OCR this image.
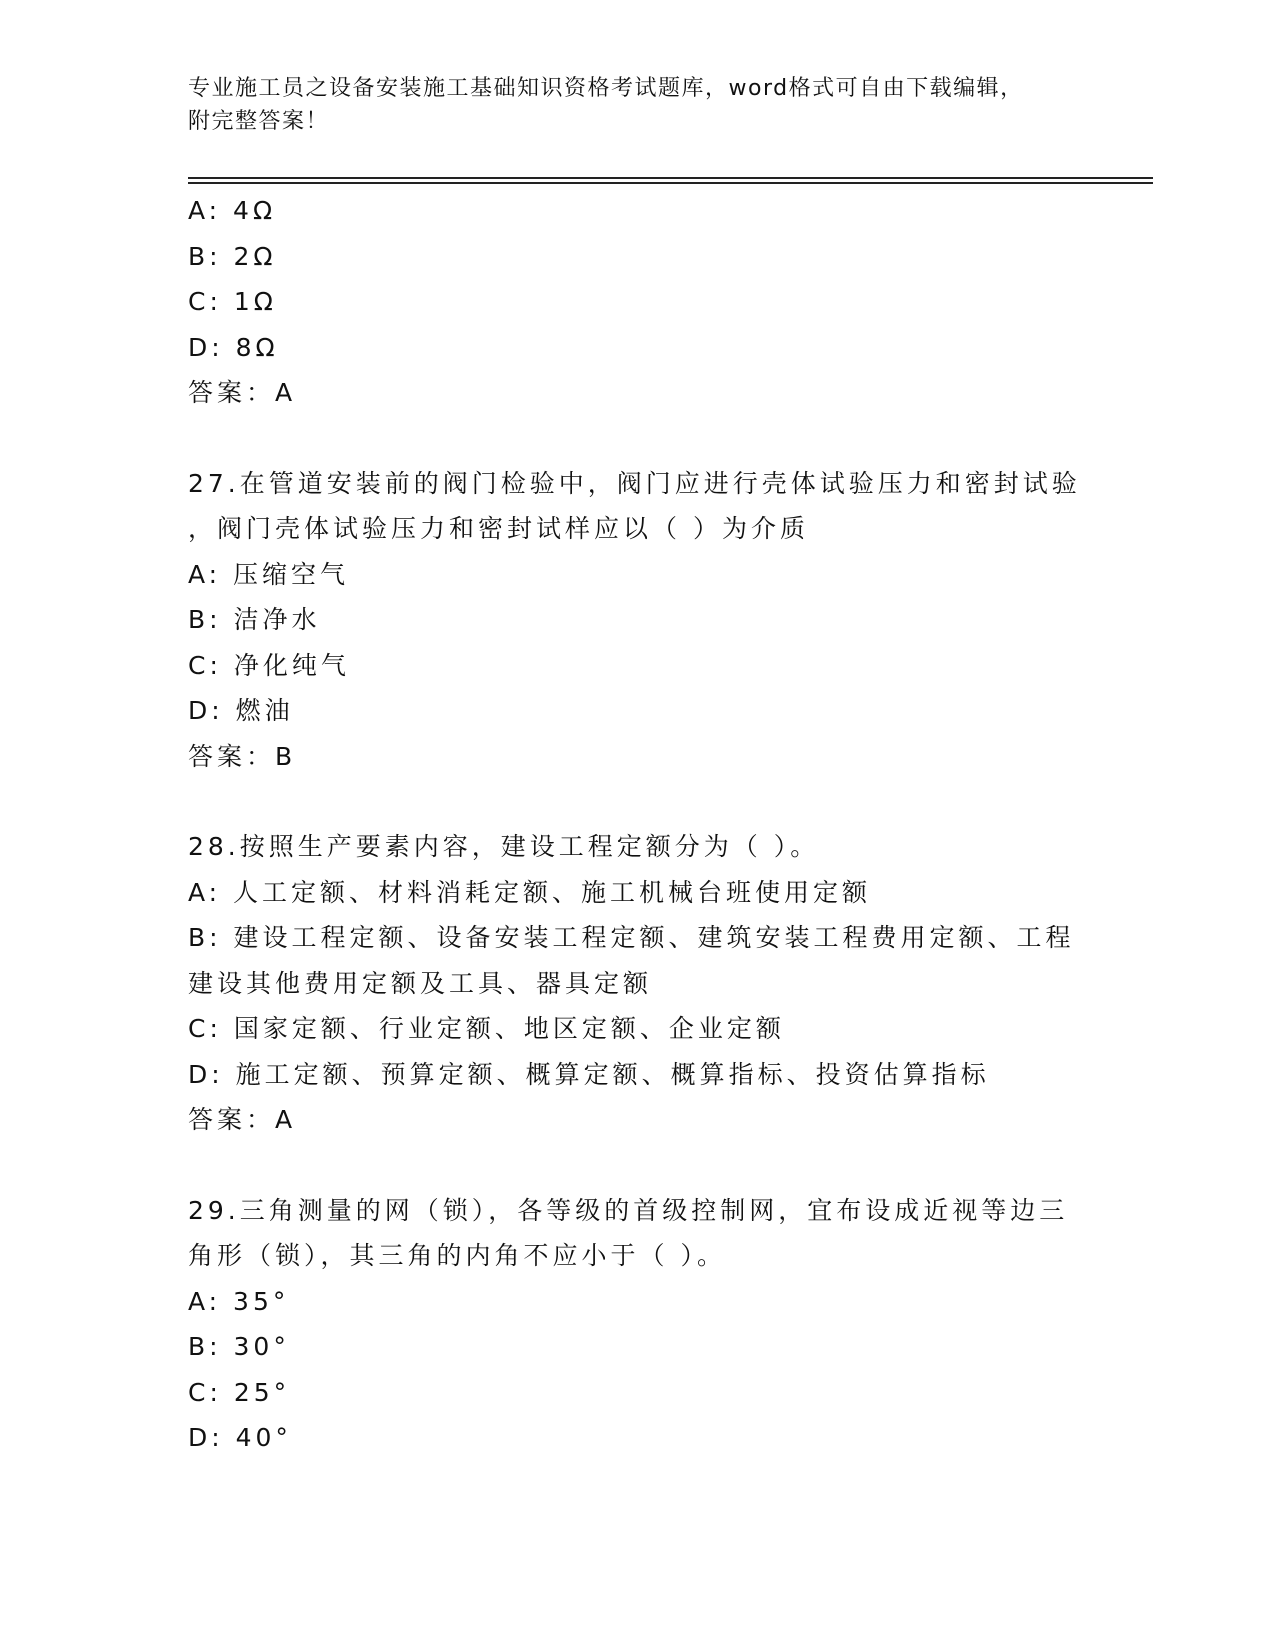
专业施工员之设备安装施工基础知识资格考试题库，word格式可自由下载编辑，
附完整答案！
A: 4Ω
B: 2Ω
C: 1Ω
D: 8Ω
答案：A
27.在管道安装前的阀门检验中，阀门应进行壳体试验压力和密封试验
，阀门壳体试验压力和密封试样应以（ ）为介质
A: 压缩空气
B: 洁净水
C: 净化纯气
D: 燃油
答案：B
28.按照生产要素内容，建设工程定额分为（ ）。
A: 人工定额、材料消耗定额、施工机械台班使用定额
B: 建设工程定额、设备安装工程定额、建筑安装工程费用定额、工程
建设其他费用定额及工具、器具定额
C: 国家定额、行业定额、地区定额、企业定额
D: 施工定额、预算定额、概算定额、概算指标、投资估算指标
答案：A
29.三角测量的网（锁），各等级的首级控制网，宜布设成近视等边三
角形（锁），其三角的内角不应小于（ ）。
A: 35°
B: 30°
C: 25°
D: 40°
